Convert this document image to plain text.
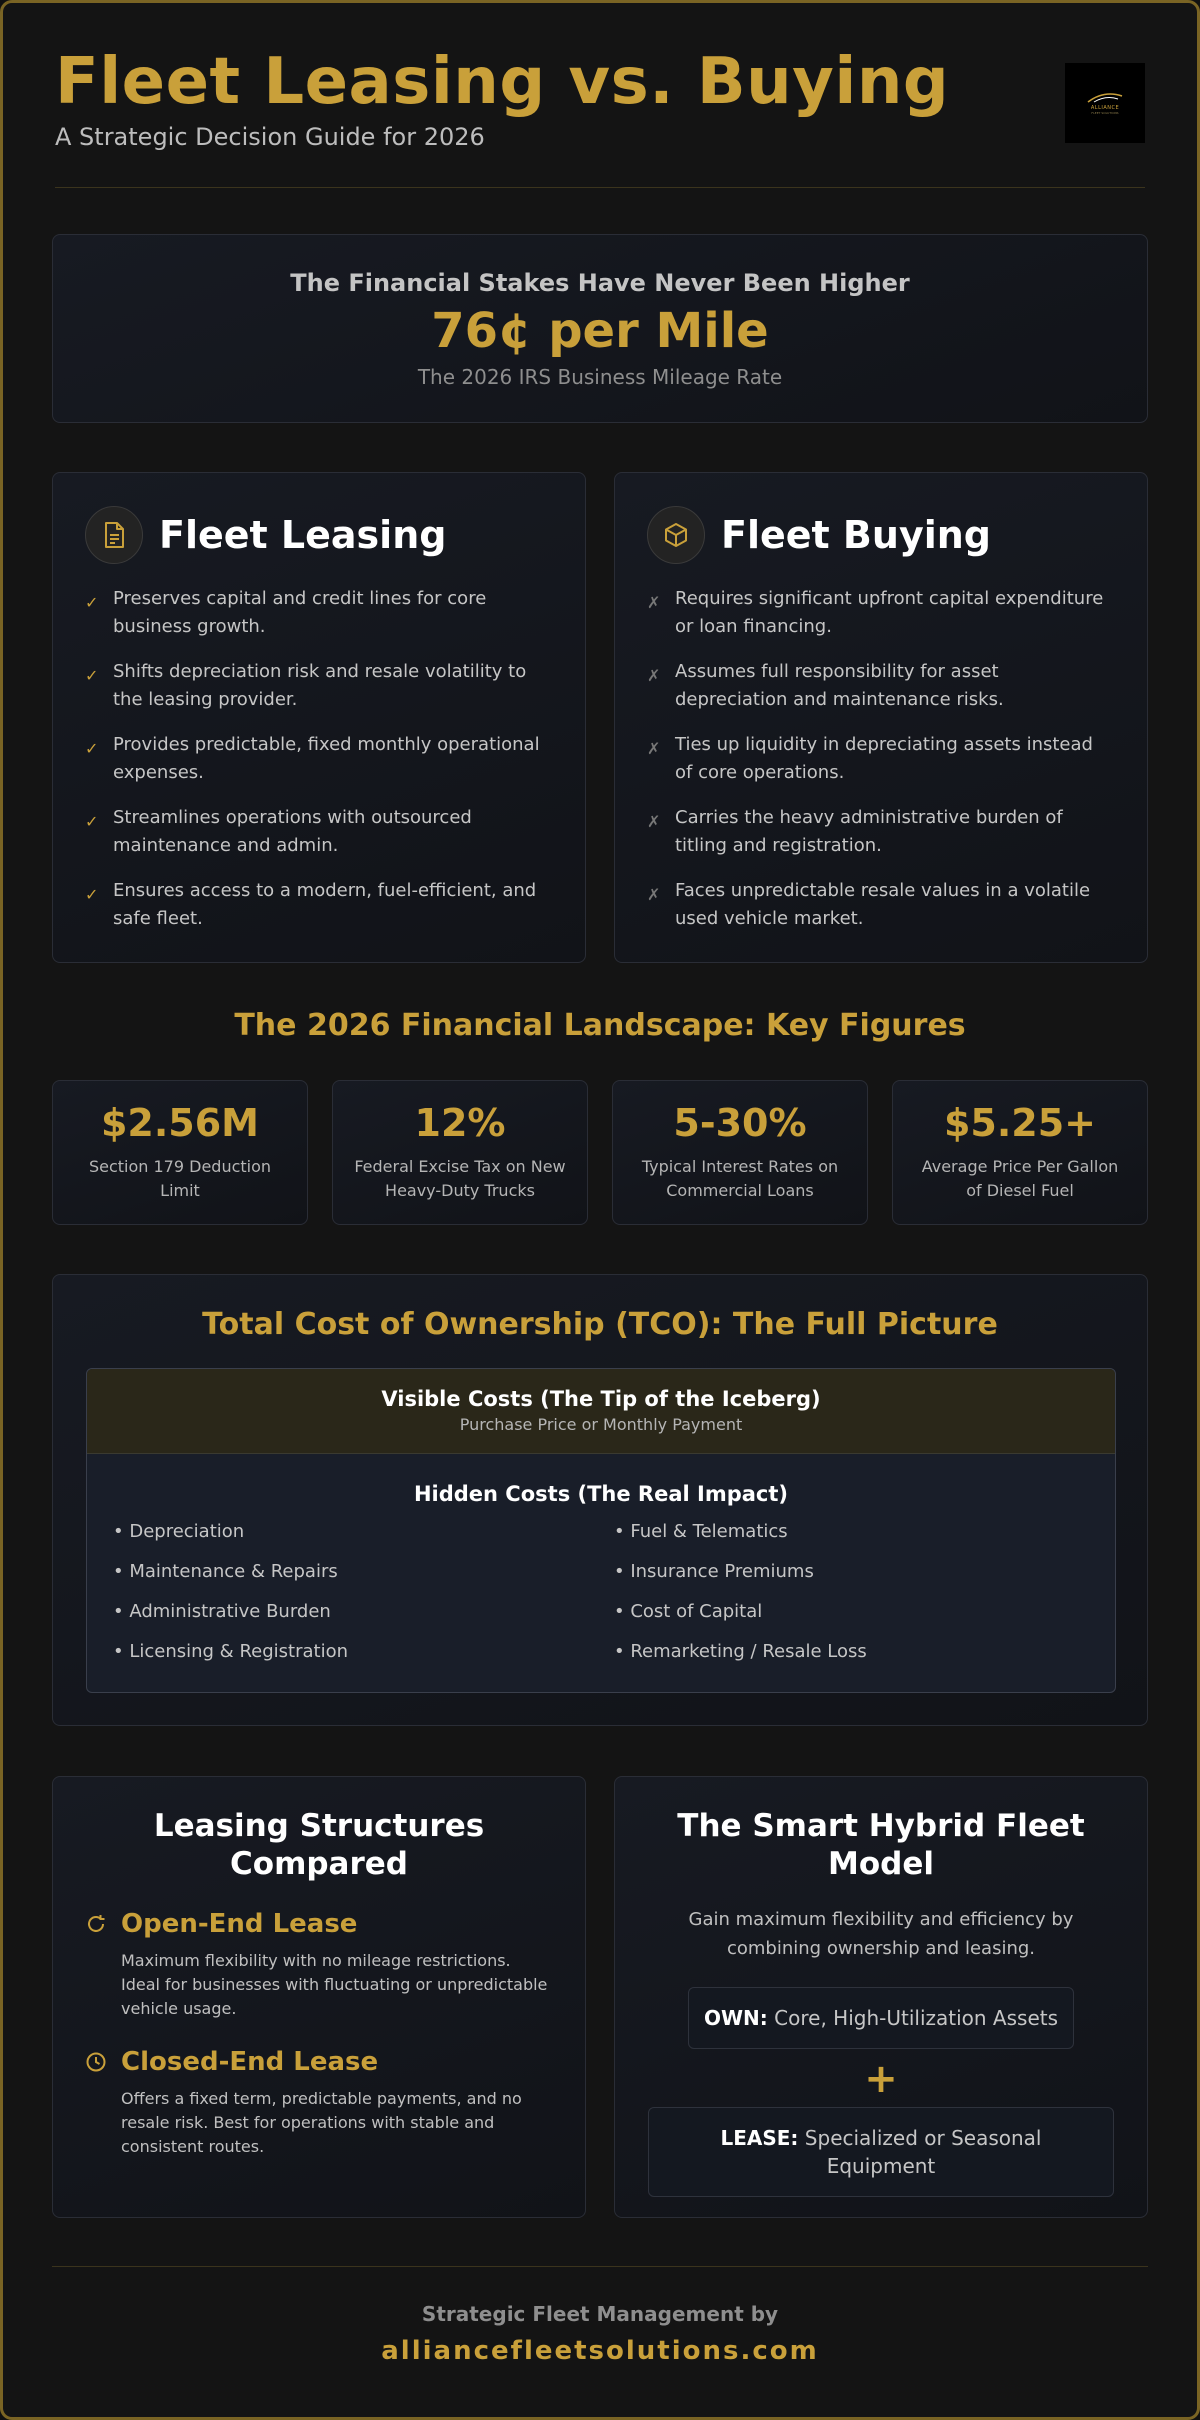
Fleet Leasing vs. Buying
A Strategic Decision Guide for 2026
ALLIANCE
FLEET SOLUTIONS
The Financial Stakes Have Never Been Higher
76¢ per Mile
The 2026 IRS Business Mileage Rate
Fleet Leasing
✓ Preserves capital and credit lines for core business growth.
✓ Shifts depreciation risk and resale volatility to the leasing provider.
✓ Provides predictable, fixed monthly operational expenses.
✓ Streamlines operations with outsourced maintenance and admin.
✓ Ensures access to a modern, fuel-efficient, and safe fleet.
Fleet Buying
✗ Requires significant upfront capital expenditure or loan financing.
✗ Assumes full responsibility for asset depreciation and maintenance risks.
✗ Ties up liquidity in depreciating assets instead of core operations.
✗ Carries the heavy administrative burden of titling and registration.
✗ Faces unpredictable resale values in a volatile used vehicle market.
The 2026 Financial Landscape: Key Figures
$2.56M
Section 179 Deduction Limit
12%
Federal Excise Tax on New Heavy-Duty Trucks
5-30%
Typical Interest Rates on Commercial Loans
$5.25+
Average Price Per Gallon of Diesel Fuel
Total Cost of Ownership (TCO): The Full Picture
Visible Costs (The Tip of the Iceberg)
Purchase Price or Monthly Payment
Hidden Costs (The Real Impact)
• Depreciation	• Fuel & Telematics
• Maintenance & Repairs	• Insurance Premiums
• Administrative Burden	• Cost of Capital
• Licensing & Registration	• Remarketing / Resale Loss
Leasing Structures Compared
Open-End Lease
Maximum flexibility with no mileage restrictions. Ideal for businesses with fluctuating or unpredictable vehicle usage.
Closed-End Lease
Offers a fixed term, predictable payments, and no resale risk. Best for operations with stable and consistent routes.
The Smart Hybrid Fleet Model
Gain maximum flexibility and efficiency by combining ownership and leasing.
OWN:
Core, High-Utilization Assets
+
LEASE: Specialized or Seasonal Equipment
Strategic Fleet Management by
alliancefleetsolutions.com
